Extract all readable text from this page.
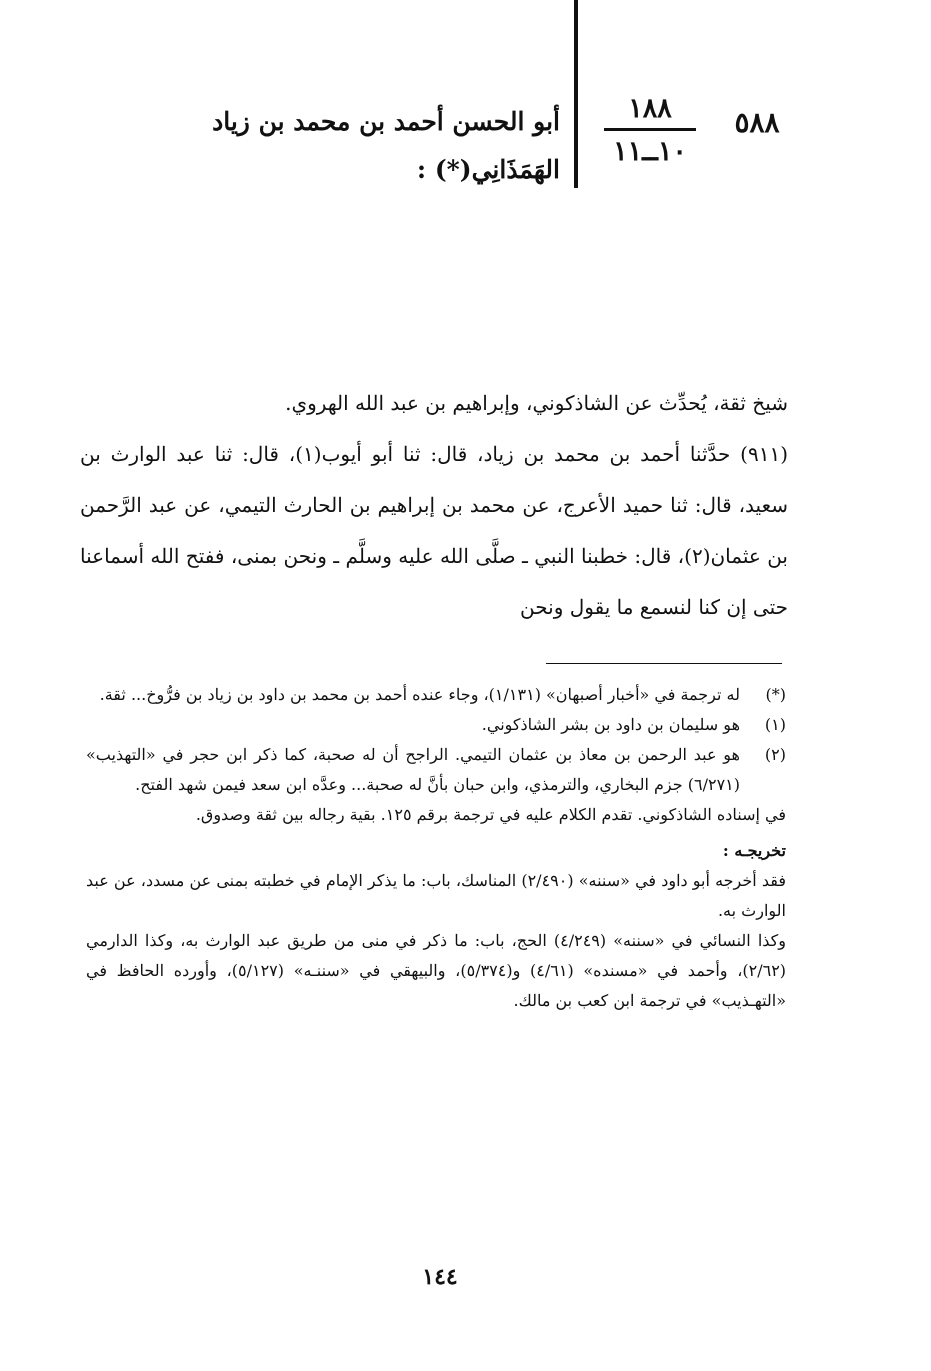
٥٨٨
١٨٨
١٠ــ١١
أبو الحسن أحمد بن محمد بن زياد
الهَمَذَانِي(*) :

شيخ ثقة، يُحدِّث عن الشاذكوني، وإبراهيم بن عبد الله الهروي.

(٩١١) حدَّثنا أحمد بن محمد بن زياد، قال: ثنا أبو أيوب(١)، قال: ثنا عبد الوارث بن سعيد، قال: ثنا حميد الأعرج، عن محمد بن إبراهيم بن الحارث التيمي، عن عبد الرَّحمن بن عثمان(٢)، قال: خطبنا النبي ـ صلَّى الله عليه وسلَّم ـ ونحن بمنى، ففتح الله أسماعنا حتى إن كنا لنسمع ما يقول ونحن

(*)
له ترجمة في «أخبار أصبهان» (١/١٣١)، وجاء عنده أحمد بن محمد بن داود بن زياد بن فرُّوخ... ثقة.
(١)
هو سليمان بن داود بن بشر الشاذكوني.
(٢)
هو عبد الرحمن بن معاذ بن عثمان التيمي. الراجح أن له صحبة، كما ذكر ابن حجر في «التهذيب» (٦/٢٧١) جزم البخاري، والترمذي، وابن حبان بأنَّ له صحبة... وعدَّه ابن سعد فيمن شهد الفتح.
في إسناده الشاذكوني. تقدم الكلام عليه في ترجمة برقم ١٢٥. بقية رجاله بين ثقة وصدوق.
تخريجـه :
فقد أخرجه أبو داود في «سننه» (٢/٤٩٠) المناسك، باب: ما يذكر الإمام في خطبته بمنى عن مسدد، عن عبد الوارث به.
وكذا النسائي في «سننه» (٤/٢٤٩) الحج، باب: ما ذكر في منى من طريق عبد الوارث به، وكذا الدارمي (٢/٦٢)، وأحمد في «مسنده» (٤/٦١) و(٥/٣٧٤)، والبيهقي في «سننـه» (٥/١٢٧)، وأورده الحافظ في «التهـذيب» في ترجمة ابن كعب بن مالك.
١٤٤
